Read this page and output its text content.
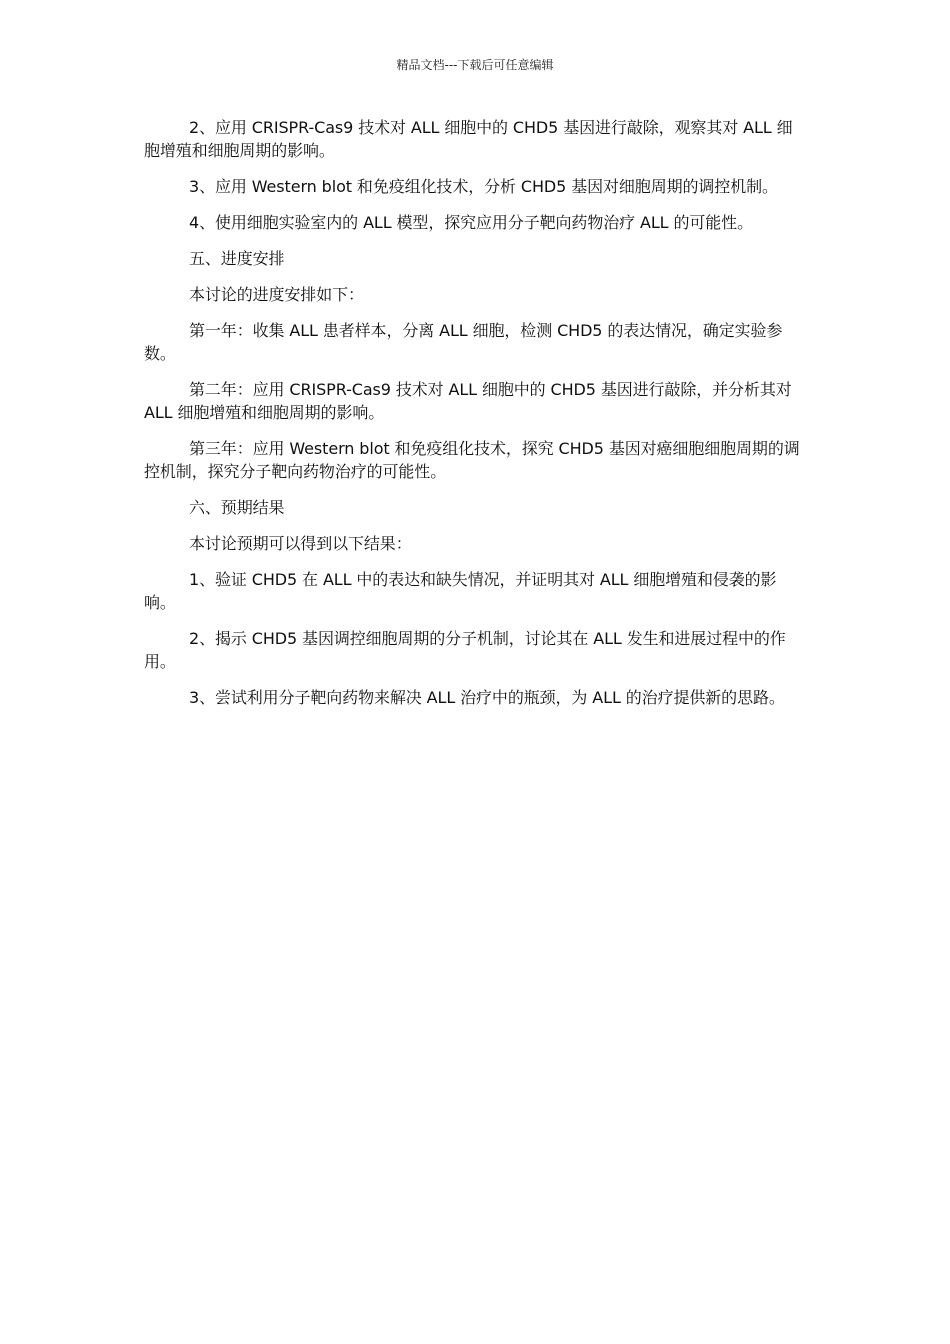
精品文档---下载后可任意编辑

2、应用 CRISPR-Cas9 技术对 ALL 细胞中的 CHD5 基因进行敲除，观察其对 ALL 细胞增殖和细胞周期的影响。

3、应用 Western blot 和免疫组化技术，分析 CHD5 基因对细胞周期的调控机制。

4、使用细胞实验室内的 ALL 模型，探究应用分子靶向药物治疗 ALL 的可能性。

五、进度安排

本讨论的进度安排如下：

第一年：收集 ALL 患者样本，分离 ALL 细胞，检测 CHD5 的表达情况，确定实验参数。

第二年：应用 CRISPR-Cas9 技术对 ALL 细胞中的 CHD5 基因进行敲除，并分析其对 ALL 细胞增殖和细胞周期的影响。

第三年：应用 Western blot 和免疫组化技术，探究 CHD5 基因对癌细胞细胞周期的调控机制，探究分子靶向药物治疗的可能性。

六、预期结果

本讨论预期可以得到以下结果：

1、验证 CHD5 在 ALL 中的表达和缺失情况，并证明其对 ALL 细胞增殖和侵袭的影响。

2、揭示 CHD5 基因调控细胞周期的分子机制，讨论其在 ALL 发生和进展过程中的作用。

3、尝试利用分子靶向药物来解决 ALL 治疗中的瓶颈，为 ALL 的治疗提供新的思路。
